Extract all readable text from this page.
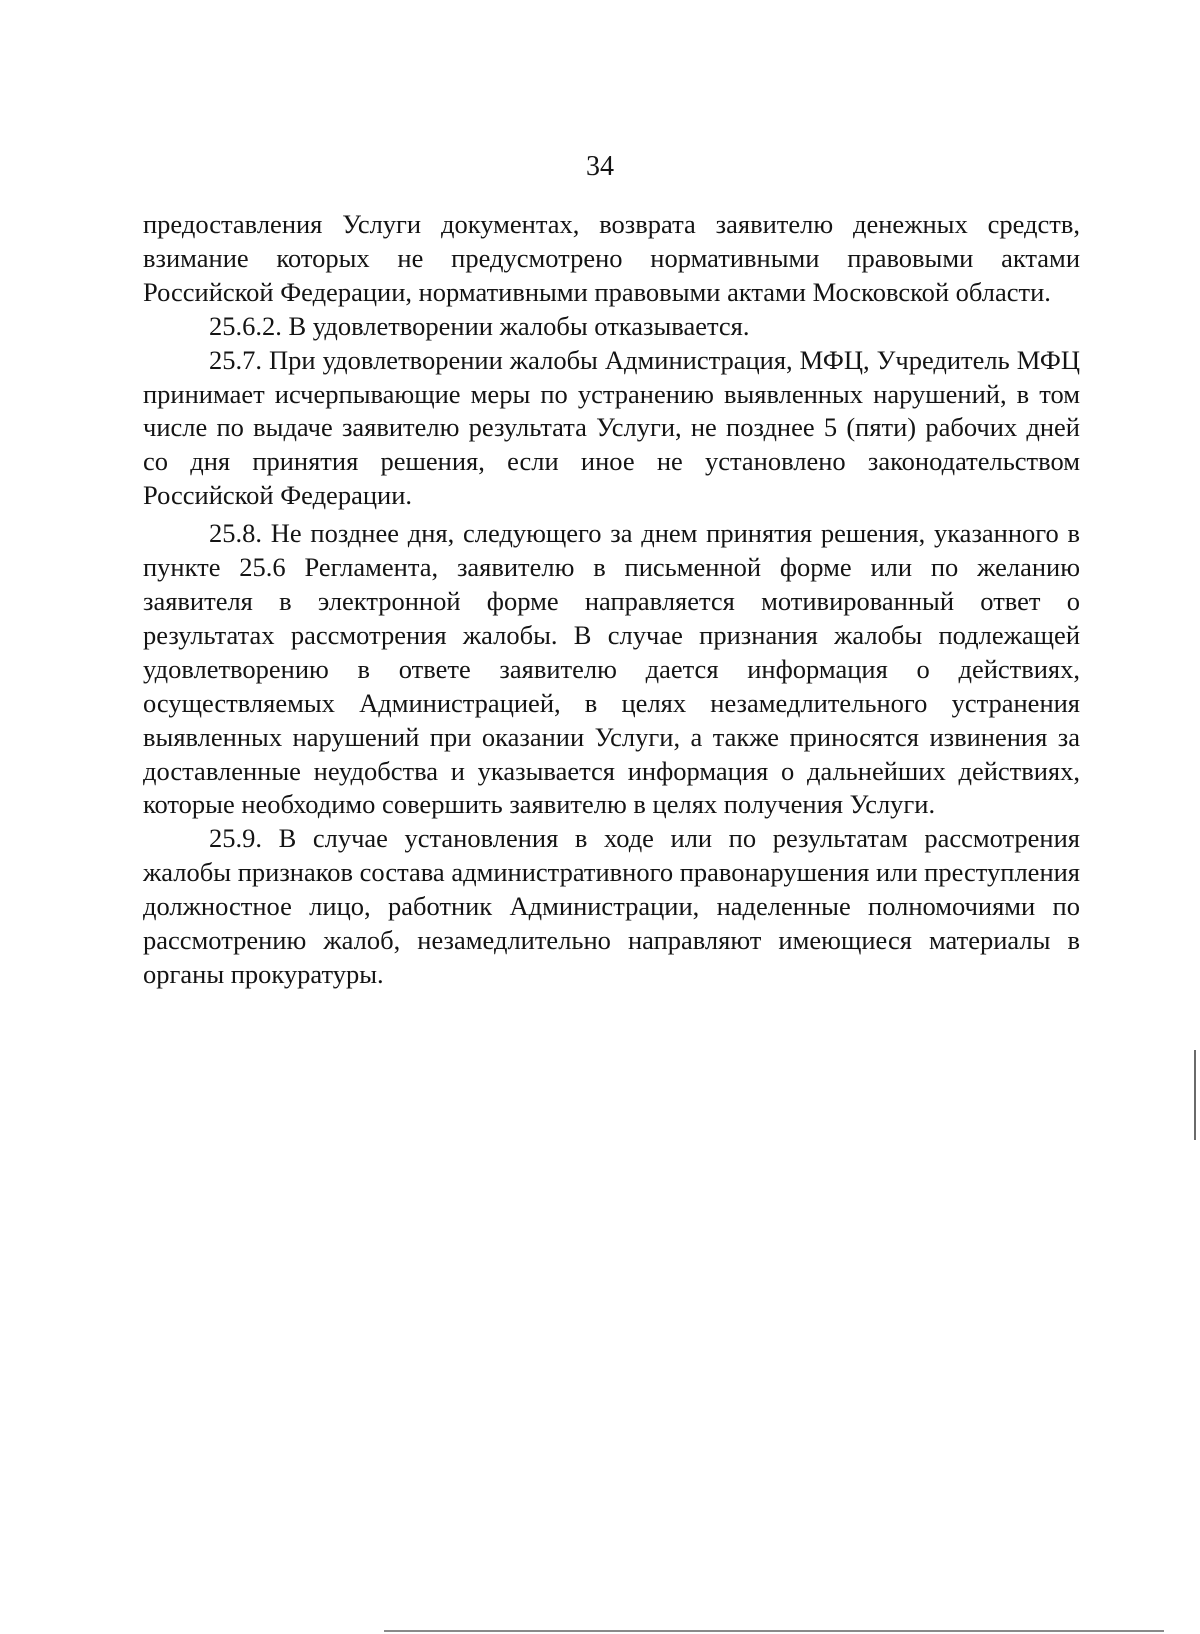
34

предоставления Услуги документах, возврата заявителю денежных средств, взимание которых не предусмотрено нормативными правовыми актами Российской Федерации, нормативными правовыми актами Московской области.

25.6.2. В удовлетворении жалобы отказывается.

25.7. При удовлетворении жалобы Администрация, МФЦ, Учредитель МФЦ принимает исчерпывающие меры по устранению выявленных нарушений, в том числе по выдаче заявителю результата Услуги, не позднее 5 (пяти) рабочих дней со дня принятия решения, если иное не установлено законодательством Российской Федерации.

25.8. Не позднее дня, следующего за днем принятия решения, указанного в пункте 25.6 Регламента, заявителю в письменной форме или по желанию заявителя в электронной форме направляется мотивированный ответ о результатах рассмотрения жалобы. В случае признания жалобы подлежащей удовлетворению в ответе заявителю дается информация о действиях, осуществляемых Администрацией, в целях незамедлительного устранения выявленных нарушений при оказании Услуги, а также приносятся извинения за доставленные неудобства и указывается информация о дальнейших действиях, которые необходимо совершить заявителю в целях получения Услуги.

25.9. В случае установления в ходе или по результатам рассмотрения жалобы признаков состава административного правонарушения или преступления должностное лицо, работник Администрации, наделенные полномочиями по рассмотрению жалоб, незамедлительно направляют имеющиеся материалы в органы прокуратуры.
